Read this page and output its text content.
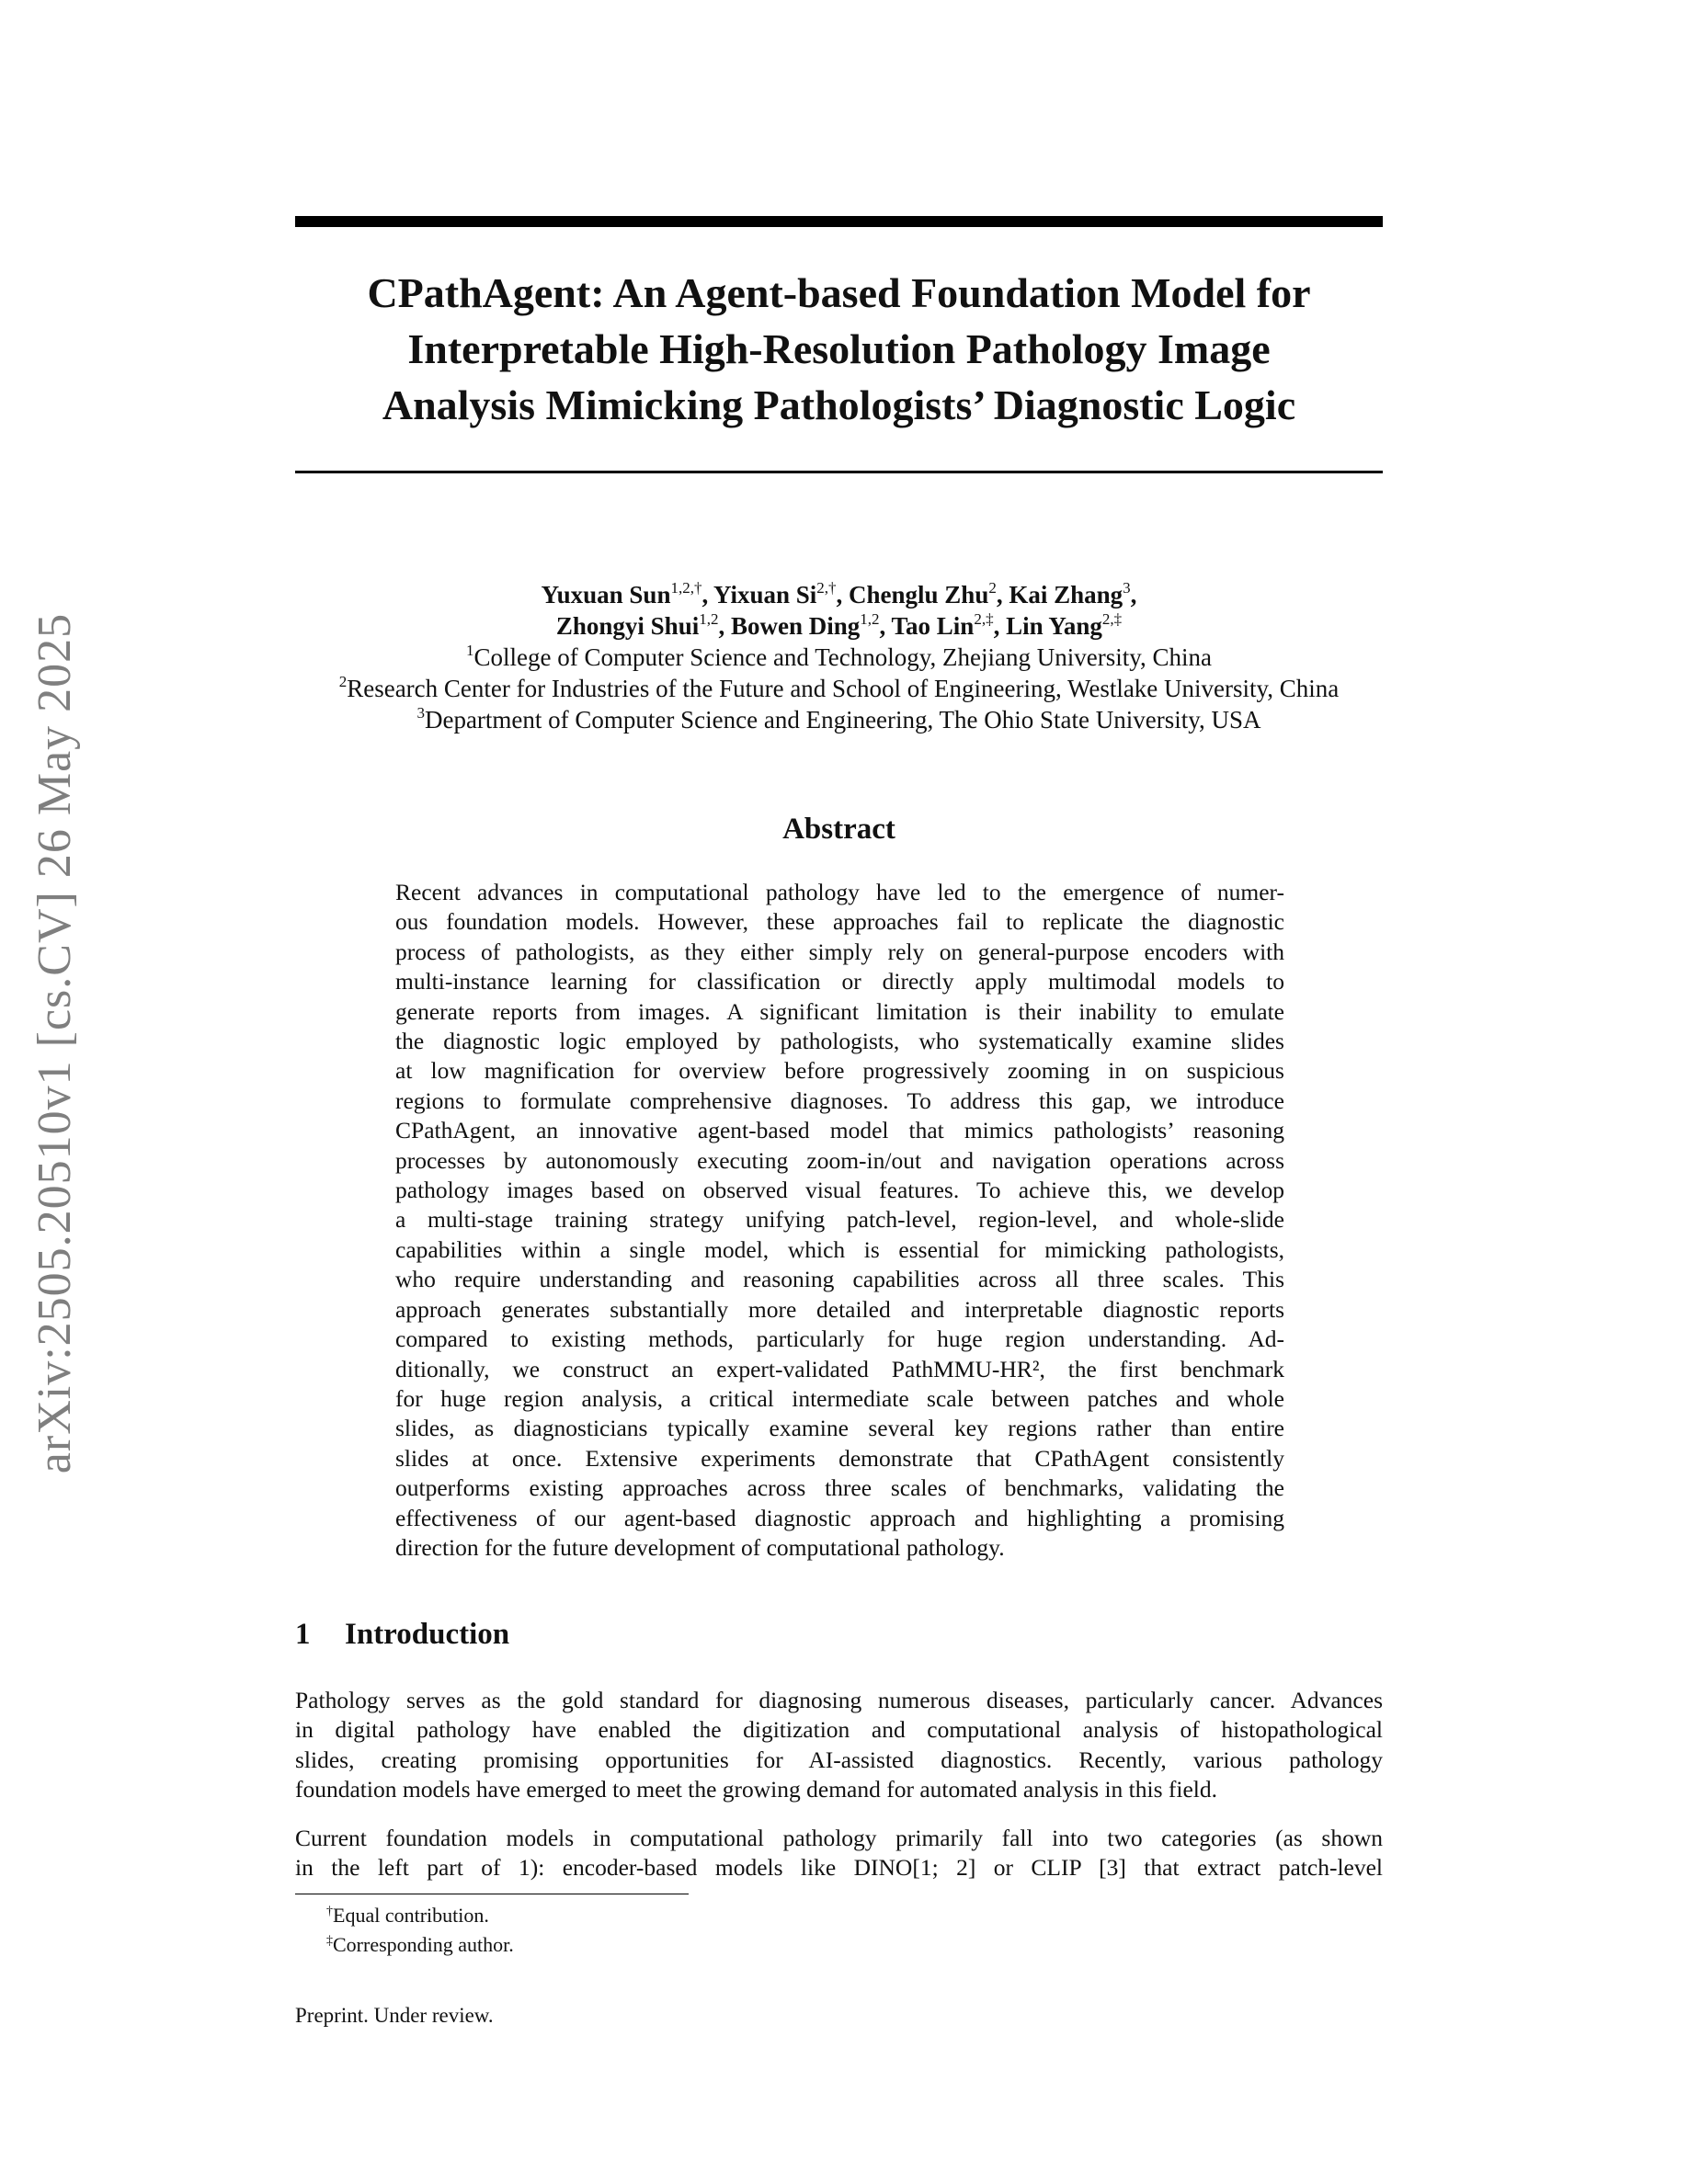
arXiv:2505.20510v1 [cs.CV] 26 May 2025
CPathAgent: An Agent-based Foundation Model for
Interpretable High-Resolution Pathology Image
Analysis Mimicking Pathologists’ Diagnostic Logic
Yuxuan Sun$^{1,2,\dagger}$, Yixuan $Si^{2,\dagger}$, Chenglu Zhu$^2$, Kai Zhang$^3$,
Zhongyi Shui$^{1,2}$, Bowen Ding$^{1,2}$, Tao Lin$^{2,\ddagger}$, Lin Yang$^{2,\ddagger}$
$^1$College of Computer Science and Technology, Zhejiang University, China
$^2$Research Center for Industries of the Future and School of Engineering, Westlake University, China
$^3$Department of Computer Science and Engineering, The Ohio State University, USA
Abstract
Recent advances in computational pathology have led to the emergence of numer-
ous foundation models. However, these approaches fail to replicate the diagnostic
process of pathologists, as they either simply rely on general-purpose encoders with
multi-instance learning for classification or directly apply multimodal models to
generate reports from images. A significant limitation is their inability to emulate
the diagnostic logic employed by pathologists, who systematically examine slides
at low magnification for overview before progressively zooming in on suspicious
regions to formulate comprehensive diagnoses. To address this gap, we introduce
CPathAgent, an innovative agent-based model that mimics pathologists’ reasoning
processes by autonomously executing zoom-in/out and navigation operations across
pathology images based on observed visual features. To achieve this, we develop
a multi-stage training strategy unifying patch-level, region-level, and whole-slide
capabilities within a single model, which is essential for mimicking pathologists,
who require understanding and reasoning capabilities across all three scales. This
approach generates substantially more detailed and interpretable diagnostic reports
compared to existing methods, particularly for huge region understanding. Ad-
ditionally, we construct an expert-validated PathMMU-HR², the first benchmark
for huge region analysis, a critical intermediate scale between patches and whole
slides, as diagnosticians typically examine several key regions rather than entire
slides at once. Extensive experiments demonstrate that CPathAgent consistently
outperforms existing approaches across three scales of benchmarks, validating the
effectiveness of our agent-based diagnostic approach and highlighting a promising
direction for the future development of computational pathology.
1 Introduction
Pathology serves as the gold standard for diagnosing numerous diseases, particularly cancer. Advances
in digital pathology have enabled the digitization and computational analysis of histopathological
slides, creating promising opportunities for AI-assisted diagnostics. Recently, various pathology
foundation models have emerged to meet the growing demand for automated analysis in this field.
Current foundation models in computational pathology primarily fall into two categories (as shown
in the left part of 1): encoder-based models like DINO[1; 2] or CLIP [3] that extract patch-level
†Equal contribution.
‡Corresponding author.
Preprint. Under review.
